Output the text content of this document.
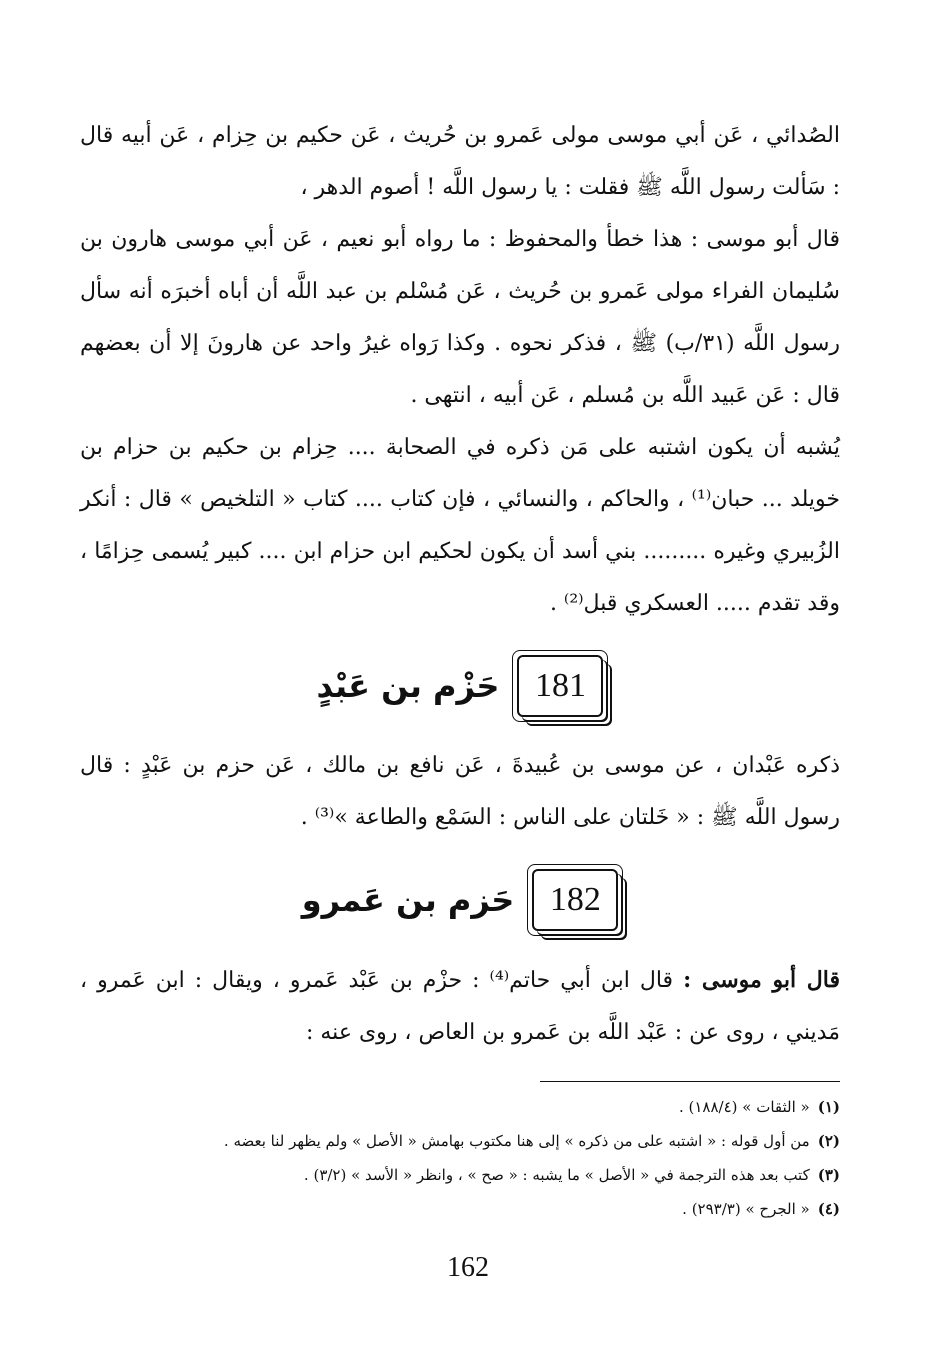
الصُدائي ، عَن أبي موسى مولى عَمرو بن حُريث ، عَن حكيم بن حِزام ، عَن أبيه قال : سَألت رسول اللَّه ﷺ فقلت : يا رسول اللَّه ! أصوم الدهر ،

قال أبو موسى : هذا خطأ والمحفوظ : ما رواه أبو نعيم ، عَن أبي موسى هارون بن سُليمان الفراء مولى عَمرو بن حُريث ، عَن مُسْلم بن عبد اللَّه أن أباه أخبرَه أنه سأل رسول اللَّه (٣١/ب) ﷺ ، فذكر نحوه . وكذا رَواه غيرُ واحد عن هارونَ إلا أن بعضهم قال : عَن عَبيد اللَّه بن مُسلم ، عَن أبيه ، انتهى .

يُشبه أن يكون اشتبه على مَن ذكره في الصحابة .... حِزام بن حكيم بن حزام بن خويلد ... حبان⁽¹⁾ ، والحاكم ، والنسائي ، فإن كتاب .... كتاب « التلخيص » قال : أنكر الزُبيري وغيره ......... بني أسد أن يكون لحكيم ابن حزام ابن .... كبير يُسمى حِزامًا ، وقد تقدم ..... العسكري قبل⁽²⁾ .

181
حَزْم بن عَبْدٍ

ذكره عَبْدان ، عن موسى بن عُبيدةَ ، عَن نافع بن مالك ، عَن حزم بن عَبْدٍ : قال رسول اللَّه ﷺ : « خَلتان على الناس : السَمْع والطاعة »⁽³⁾ .

182
حَزم بن عَمرو

قال أبو موسى : قال ابن أبي حاتم⁽⁴⁾ : حزْم بن عَبْد عَمرو ، ويقال : ابن عَمرو ، مَديني ، روى عن : عَبْد اللَّه بن عَمرو بن العاص ، روى عنه :

(١)
« الثقات » (١٨٨/٤) .
(٢)
من أول قوله : « اشتبه على من ذكره » إلى هنا مكتوب بهامش « الأصل » ولم يظهر لنا بعضه .
(٣)
كتب بعد هذه الترجمة في « الأصل » ما يشبه : « صح » ، وانظر « الأسد » (٣/٢) .
(٤)
« الجرح » (٢٩٣/٣) .
162
